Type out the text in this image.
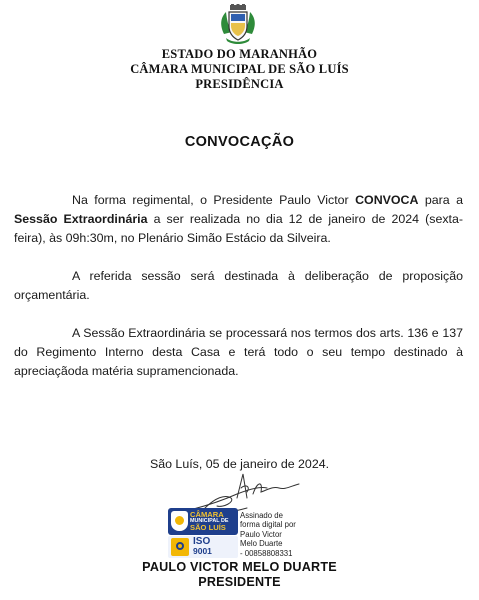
ESTADO DO MARANHÃO
CÂMARA MUNICIPAL DE SÃO LUÍS
PRESIDÊNCIA
CONVOCAÇÃO
Na forma regimental, o Presidente Paulo Victor CONVOCA para a Sessão Extraordinária a ser realizada no dia 12 de janeiro de 2024 (sexta-feira), às 09h:30m, no Plenário Simão Estácio da Silveira.
A referida sessão será destinada à deliberação de proposição orçamentária.
A Sessão Extraordinária se processará nos termos dos arts. 136 e 137 do Regimento Interno desta Casa e terá todo o seu tempo destinado à apreciaçãoda matéria supramencionada.
São Luís, 05 de janeiro de 2024.
CÂMARA
MUNICIPAL DE
SÃO LUÍS
ISO
9001
Assinado de
forma digital por
Paulo Victor
Melo Duarte
- 00858808331
PAULO VICTOR MELO DUARTE
PRESIDENTE
